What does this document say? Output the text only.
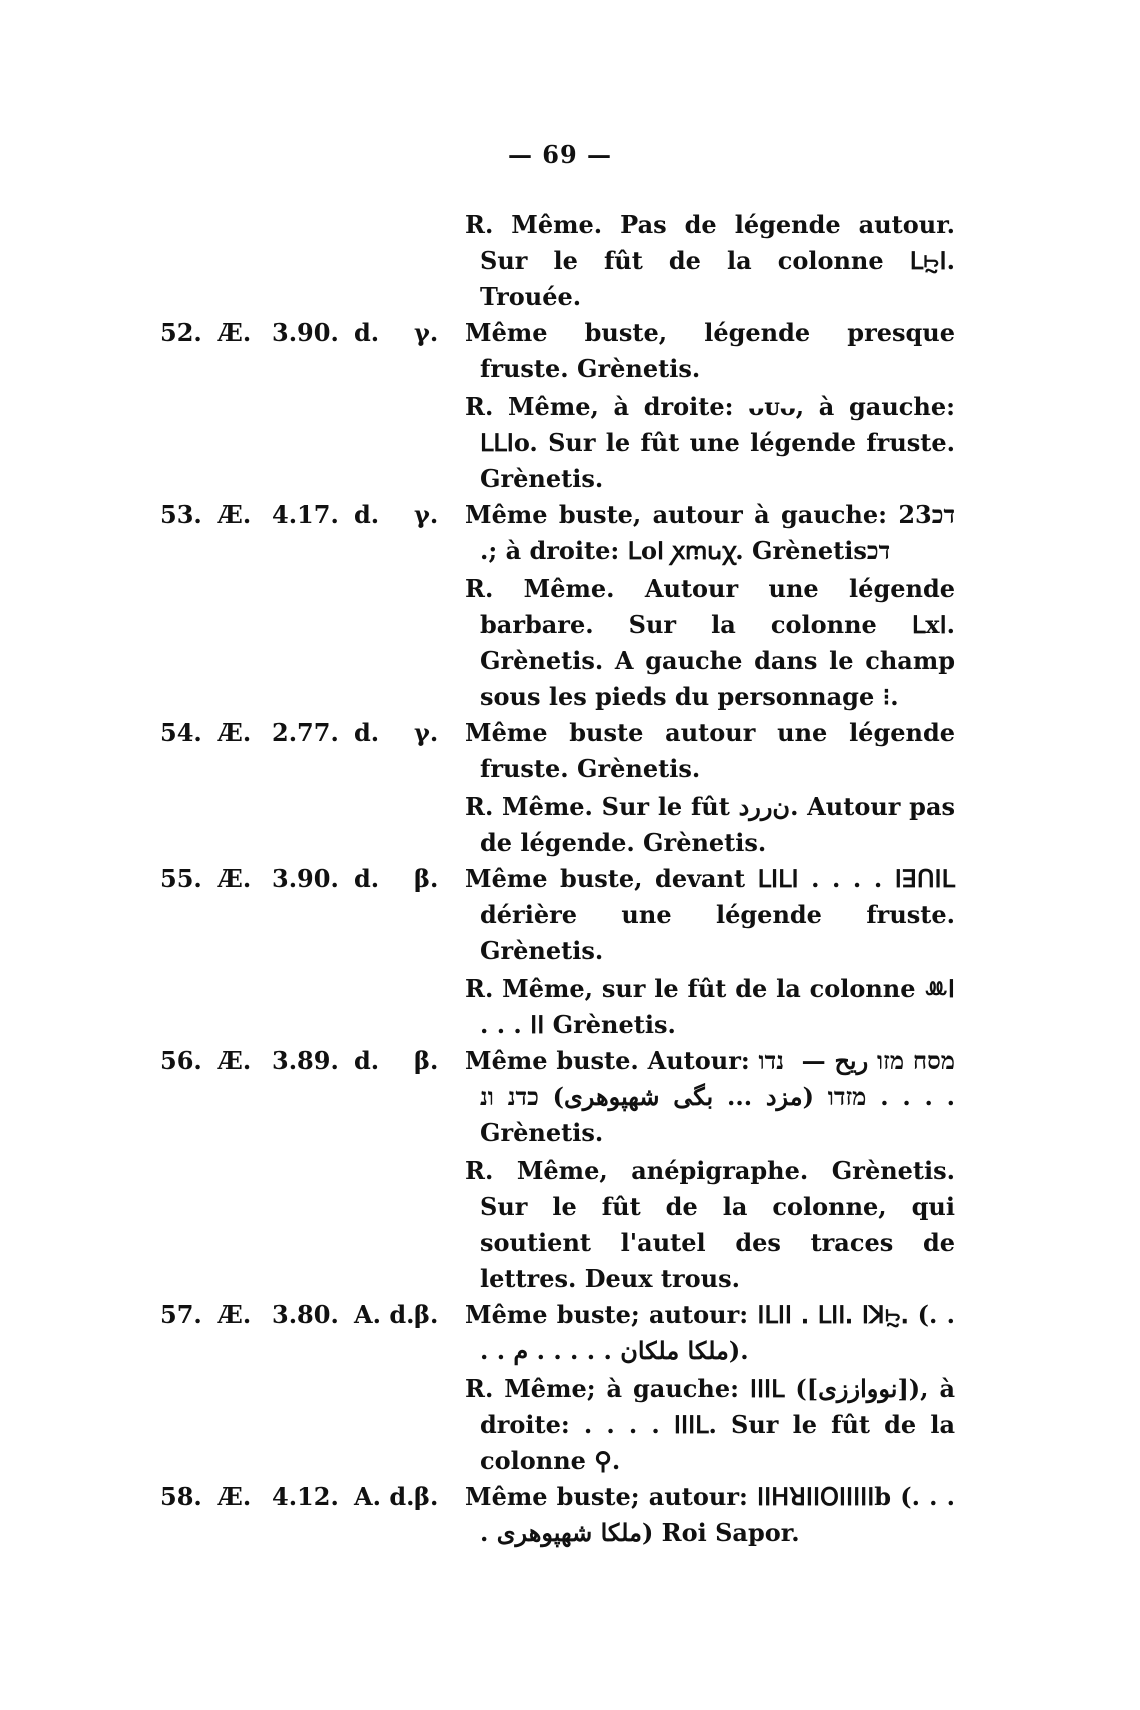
— 69 —
R. Même. Pas de légende autour. Sur le fût de la colonne ꓡꖩꓲ. Trouée.
52. Æ. 3.90. d. γ.	Même buste, légende presque fruste. Grènetis.
R. Même, à droite: ᴗᴜᴗ, à gauche: ꓡꓡꓲo. Sur le fût une légende fruste. Grènetis.
53. Æ. 4.17. d. γ.	Même buste, autour à gauche: ‫דכ23 דכ‎; à droite: ꓡoꓲ ꭗꭑꭎꭓ. Grènetis.
R. Même. Autour une légende barbare. Sur la colonne ꓡxꓲ. Grènetis. A gauche dans le champ sous les pieds du personnage ⁝.
54. Æ. 2.77. d. γ.	Même buste autour une légende fruste. Grènetis.
R. Même. Sur le fût ‏ن‌ررد‏. Autour pas de légende. Grènetis.
55. Æ. 3.90. d. β.	Même buste, devant ꓡꓲꓡꓲ . . . . ꓲꓱꓵꓲꓡ dérière une légende fruste. Grènetis.
R. Même, sur le fût de la colonne ꔛꓲ . . . ꓲꓲ Grènetis.
56. Æ. 3.89. d. β.	Même buste. Autour: ‏ريح — ‏ נדו‎ מזו ‎מסח‎ כדנ ונ ‎מזדו (مزد ... ‏بگی شهپوهری‏) . . . . Grènetis.
R. Même, anépigraphe. Grènetis. Sur le fût de la colonne, qui soutient l'autel des traces de lettres. Deux trous.
57. Æ. 3.80. A. d.β.	Même buste; autour: ꓲꓡꓲꓲ ꓸ ꓡꓲꓲꓸ ꓲꓘꖩꓸ (. . . . ملكا ملكان . . . . . م).
R. Même; à gauche: ꓲꓲꓲꓡ ([نوواززی]), à droite: . . . . ꓲꓲꓲꓡ. Sur le fût de la colonne ⚲.
58. Æ. 4.12. A. d.β.	Même buste; autour: ꓲꓲꓧꓤꓲꓲꓳꓲꓲꓲꓲꓲb (. . . . ملكا شهپوهری) Roi Sapor.
